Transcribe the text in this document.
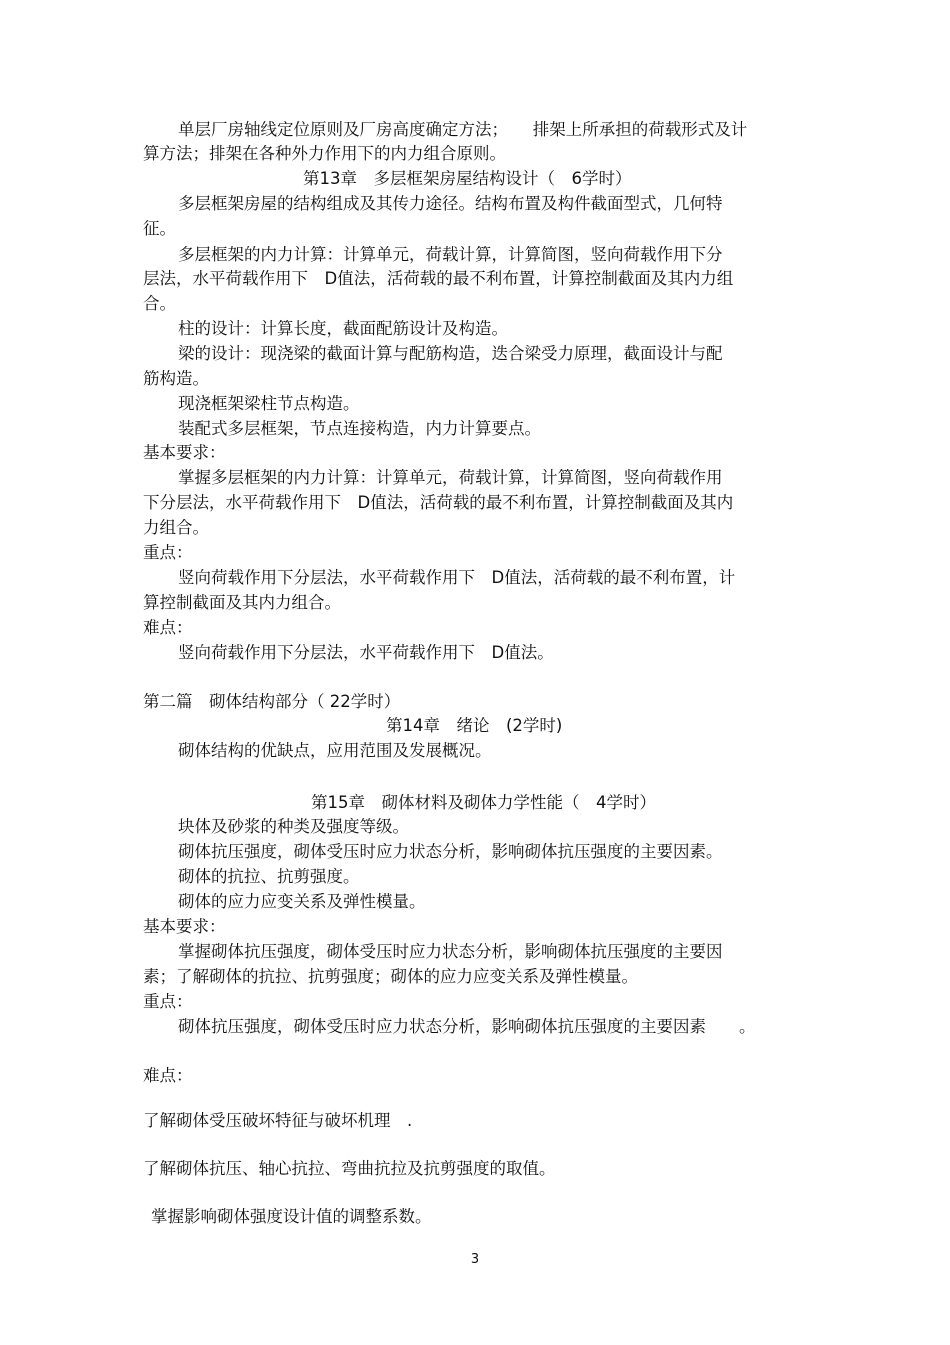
单层厂房轴线定位原则及厂房高度确定方法；　　排架上所承担的荷载形式及计
算方法；排架在各种外力作用下的内力组合原则。
第13章　多层框架房屋结构设计（　6学时）
多层框架房屋的结构组成及其传力途径。结构布置及构件截面型式，几何特
征。
多层框架的内力计算：计算单元，荷载计算，计算简图，竖向荷载作用下分
层法，水平荷载作用下　D值法，活荷载的最不利布置，计算控制截面及其内力组
合。
柱的设计：计算长度，截面配筋设计及构造。
梁的设计：现浇梁的截面计算与配筋构造，迭合梁受力原理，截面设计与配
筋构造。
现浇框架梁柱节点构造。
装配式多层框架，节点连接构造，内力计算要点。
基本要求：
掌握多层框架的内力计算：计算单元，荷载计算，计算简图，竖向荷载作用
下分层法，水平荷载作用下　D值法，活荷载的最不利布置，计算控制截面及其内
力组合。
重点：
竖向荷载作用下分层法，水平荷载作用下　D值法，活荷载的最不利布置，计
算控制截面及其内力组合。
难点：
竖向荷载作用下分层法，水平荷载作用下　D值法。
第二篇　砌体结构部分（ 22学时）
第14章　绪论　(2学时)
砌体结构的优缺点，应用范围及发展概况。
第15章　砌体材料及砌体力学性能（　4学时）
块体及砂浆的种类及强度等级。
砌体抗压强度，砌体受压时应力状态分析，影响砌体抗压强度的主要因素。
砌体的抗拉、抗剪强度。
砌体的应力应变关系及弹性模量。
基本要求：
掌握砌体抗压强度，砌体受压时应力状态分析，影响砌体抗压强度的主要因
素；了解砌体的抗拉、抗剪强度；砌体的应力应变关系及弹性模量。
重点：
砌体抗压强度，砌体受压时应力状态分析，影响砌体抗压强度的主要因素　　。
难点：
了解砌体受压破坏特征与破坏机理　.
了解砌体抗压、轴心抗拉、弯曲抗拉及抗剪强度的取值。
掌握影响砌体强度设计值的调整系数。
3
